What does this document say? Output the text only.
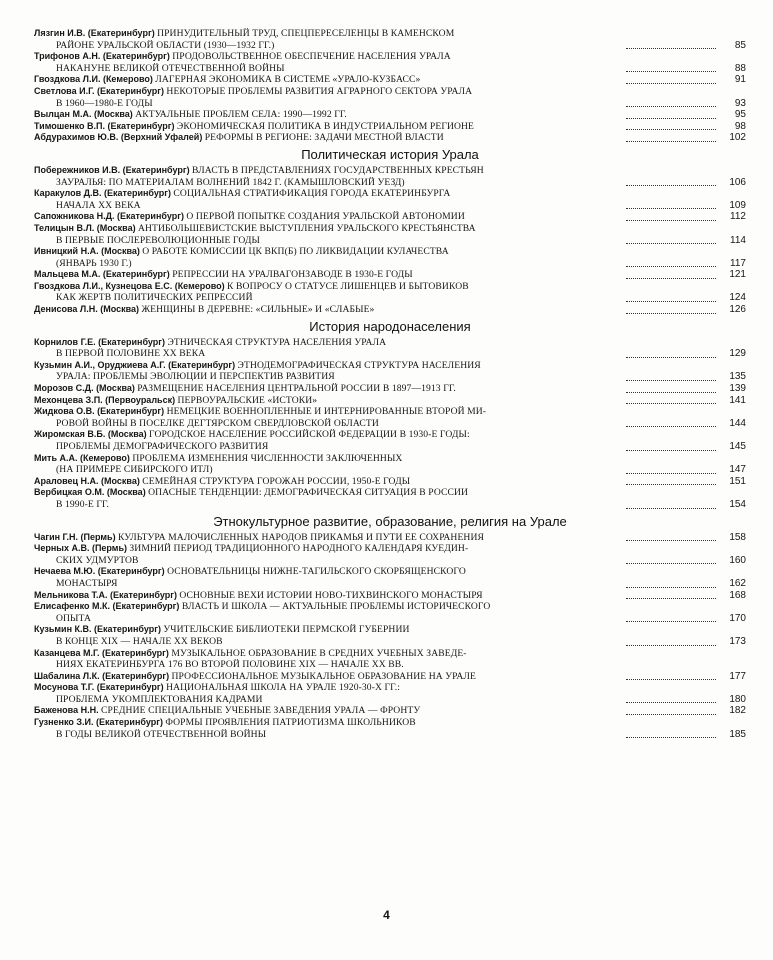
Лязгин И.В. (Екатеринбург) ПРИНУДИТЕЛЬНЫЙ ТРУД, СПЕЦПЕРЕСЕЛЕНЦЫ В КАМЕНСКОМ
РАЙОНЕ УРАЛЬСКОЙ ОБЛАСТИ (1930—1932 ГГ.)	85
Трифонов А.Н. (Екатеринбург) ПРОДОВОЛЬСТВЕННОЕ ОБЕСПЕЧЕНИЕ НАСЕЛЕНИЯ УРАЛА
НАКАНУНЕ ВЕЛИКОЙ ОТЕЧЕСТВЕННОЙ ВОЙНЫ	88
Гвоздкова Л.И. (Кемерово) ЛАГЕРНАЯ ЭКОНОМИКА В СИСТЕМЕ «УРАЛО-КУЗБАСС»	91
Светлова И.Г. (Екатеринбург) НЕКОТОРЫЕ ПРОБЛЕМЫ РАЗВИТИЯ АГРАРНОГО СЕКТОРА УРАЛА
В 1960—1980-Е ГОДЫ	93
Вылцан М.А. (Москва) АКТУАЛЬНЫЕ ПРОБЛЕМ СЕЛА: 1990—1992 ГГ.	95
Тимошенко В.П. (Екатеринбург) ЭКОНОМИЧЕСКАЯ ПОЛИТИКА В ИНДУСТРИАЛЬНОМ РЕГИОНЕ	98
Абдурахимов Ю.В. (Верхний Уфалей) РЕФОРМЫ В РЕГИОНЕ: ЗАДАЧИ МЕСТНОЙ ВЛАСТИ	102
Политическая история Урала
Побережников И.В. (Екатеринбург) ВЛАСТЬ В ПРЕДСТАВЛЕНИЯХ ГОСУДАРСТВЕННЫХ КРЕСТЬЯН
ЗАУРАЛЬЯ: ПО МАТЕРИАЛАМ ВОЛНЕНИЙ 1842 Г. (КАМЫШЛОВСКИЙ УЕЗД)	106
Каракулов Д.В. (Екатеринбург) СОЦИАЛЬНАЯ СТРАТИФИКАЦИЯ ГОРОДА ЕКАТЕРИНБУРГА
НАЧАЛА XX ВЕКА	109
Сапожникова Н.Д. (Екатеринбург) О ПЕРВОЙ ПОПЫТКЕ СОЗДАНИЯ УРАЛЬСКОЙ АВТОНОМИИ	112
Телицын В.Л. (Москва) АНТИБОЛЬШЕВИСТСКИЕ ВЫСТУПЛЕНИЯ УРАЛЬСКОГО КРЕСТЬЯНСТВА
В ПЕРВЫЕ ПОСЛЕРЕВОЛЮЦИОННЫЕ ГОДЫ	114
Ивницкий Н.А. (Москва) О РАБОТЕ КОМИССИИ ЦК ВКП(Б) ПО ЛИКВИДАЦИИ КУЛАЧЕСТВА
(ЯНВАРЬ 1930 Г.)	117
Мальцева М.А. (Екатеринбург) РЕПРЕССИИ НА УРАЛВАГОНЗАВОДЕ В 1930-Е ГОДЫ	121
Гвоздкова Л.И., Кузнецова Е.С. (Кемерово) К ВОПРОСУ О СТАТУСЕ ЛИШЕНЦЕВ И БЫТОВИКОВ
КАК ЖЕРТВ ПОЛИТИЧЕСКИХ РЕПРЕССИЙ	124
Денисова Л.Н. (Москва) ЖЕНЩИНЫ В ДЕРЕВНЕ: «СИЛЬНЫЕ» И «СЛАБЫЕ»	126
История народонаселения
Корнилов Г.Е. (Екатеринбург) ЭТНИЧЕСКАЯ СТРУКТУРА НАСЕЛЕНИЯ УРАЛА
В ПЕРВОЙ ПОЛОВИНЕ XX ВЕКА	129
Кузьмин А.И., Оруджиева А.Г. (Екатеринбург) ЭТНОДЕМОГРАФИЧЕСКАЯ СТРУКТУРА НАСЕЛЕНИЯ
УРАЛА: ПРОБЛЕМЫ ЭВОЛЮЦИИ И ПЕРСПЕКТИВ РАЗВИТИЯ	135
Морозов С.Д. (Москва) РАЗМЕЩЕНИЕ НАСЕЛЕНИЯ ЦЕНТРАЛЬНОЙ РОССИИ В 1897—1913 ГГ.	139
Мехонцева З.П. (Первоуральск) ПЕРВОУРАЛЬСКИЕ «ИСТОКИ»	141
Жидкова О.В. (Екатеринбург) НЕМЕЦКИЕ ВОЕННОПЛЕННЫЕ И ИНТЕРНИРОВАННЫЕ ВТОРОЙ МИ-
РОВОЙ ВОЙНЫ В ПОСЕЛКЕ ДЕГТЯРСКОМ СВЕРДЛОВСКОЙ ОБЛАСТИ	144
Жиромская В.Б. (Москва) ГОРОДСКОЕ НАСЕЛЕНИЕ РОССИЙСКОЙ ФЕДЕРАЦИИ В 1930-Е ГОДЫ:
ПРОБЛЕМЫ ДЕМОГРАФИЧЕСКОГО РАЗВИТИЯ	145
Мить А.А. (Кемерово) ПРОБЛЕМА ИЗМЕНЕНИЯ ЧИСЛЕННОСТИ ЗАКЛЮЧЕННЫХ
(НА ПРИМЕРЕ СИБИРСКОГО ИТЛ)	147
Араловец Н.А. (Москва) СЕМЕЙНАЯ СТРУКТУРА ГОРОЖАН РОССИИ, 1950-Е ГОДЫ	151
Вербицкая О.М. (Москва) ОПАСНЫЕ ТЕНДЕНЦИИ: ДЕМОГРАФИЧЕСКАЯ СИТУАЦИЯ В РОССИИ
В 1990-Е ГГ.	154
Этнокультурное развитие, образование, религия на Урале
Чагин Г.Н. (Пермь) КУЛЬТУРА МАЛОЧИСЛЕННЫХ НАРОДОВ ПРИКАМЬЯ И ПУТИ ЕЕ СОХРАНЕНИЯ	158
Черных А.В. (Пермь) ЗИМНИЙ ПЕРИОД ТРАДИЦИОННОГО НАРОДНОГО КАЛЕНДАРЯ КУЕДИН-
СКИХ УДМУРТОВ	160
Нечаева М.Ю. (Екатеринбург) ОСНОВАТЕЛЬНИЦЫ НИЖНЕ-ТАГИЛЬСКОГО СКОРБЯЩЕНСКОГО
МОНАСТЫРЯ	162
Мельникова Т.А. (Екатеринбург) ОСНОВНЫЕ ВЕХИ ИСТОРИИ НОВО-ТИХВИНСКОГО МОНАСТЫРЯ	168
Елисафенко М.К. (Екатеринбург) ВЛАСТЬ И ШКОЛА — АКТУАЛЬНЫЕ ПРОБЛЕМЫ ИСТОРИЧЕСКОГО
ОПЫТА	170
Кузьмин К.В. (Екатеринбург) УЧИТЕЛЬСКИЕ БИБЛИОТЕКИ ПЕРМСКОЙ ГУБЕРНИИ
В КОНЦЕ XIX — НАЧАЛЕ XX ВЕКОВ	173
Казанцева М.Г. (Екатеринбург) МУЗЫКАЛЬНОЕ ОБРАЗОВАНИЕ В СРЕДНИХ УЧЕБНЫХ ЗАВЕДЕ-
НИЯХ ЕКАТЕРИНБУРГА 176 ВО ВТОРОЙ ПОЛОВИНЕ XIX — НАЧАЛЕ XX ВВ.
Шабалина Л.К. (Екатеринбург) ПРОФЕССИОНАЛЬНОЕ МУЗЫКАЛЬНОЕ ОБРАЗОВАНИЕ НА УРАЛЕ	177
Мосунова Т.Г. (Екатеринбург) НАЦИОНАЛЬНАЯ ШКОЛА НА УРАЛЕ 1920-30-Х ГГ.:
ПРОБЛЕМА УКОМПЛЕКТОВАНИЯ КАДРАМИ	180
Баженова Н.Н. СРЕДНИЕ СПЕЦИАЛЬНЫЕ УЧЕБНЫЕ ЗАВЕДЕНИЯ УРАЛА — ФРОНТУ	182
Гузненко З.И. (Екатеринбург) ФОРМЫ ПРОЯВЛЕНИЯ ПАТРИОТИЗМА ШКОЛЬНИКОВ
В ГОДЫ ВЕЛИКОЙ ОТЕЧЕСТВЕННОЙ ВОЙНЫ	185
4
